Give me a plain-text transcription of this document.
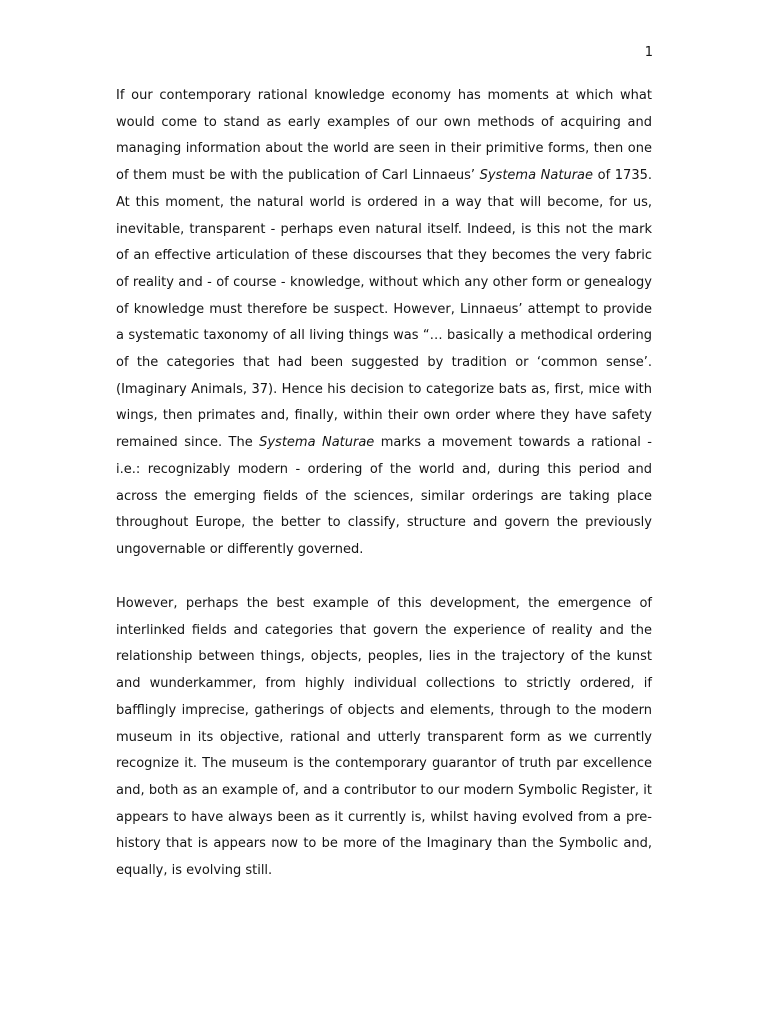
1

If our contemporary rational knowledge economy has moments at which what would come to stand as early examples of our own methods of acquiring and managing information about the world are seen in their primitive forms, then one of them must be with the publication of Carl Linnaeus’ Systema Naturae of 1735. At this moment, the natural world is ordered in a way that will become, for us, inevitable, transparent - perhaps even natural itself. Indeed, is this not the mark of an effective articulation of these discourses that they becomes the very fabric of reality and - of course - knowledge, without which any other form or genealogy of knowledge must therefore be suspect. However, Linnaeus’ attempt to provide a systematic taxonomy of all living things was “… basically a methodical ordering of the categories that had been suggested by tradition or ‘common sense’. (Imaginary Animals, 37). Hence his decision to categorize bats as, first, mice with wings, then primates and, finally, within their own order where they have safety remained since. The Systema Naturae marks a movement towards a rational - i.e.: recognizably modern - ordering of the world and, during this period and across the emerging fields of the sciences, similar orderings are taking place throughout Europe, the better to classify, structure and govern the previously ungovernable or differently governed.

However, perhaps the best example of this development, the emergence of interlinked fields and categories that govern the experience of reality and the relationship between things, objects, peoples, lies in the trajectory of the kunst and wunderkammer, from highly individual collections to strictly ordered, if bafflingly imprecise, gatherings of objects and elements, through to the modern museum in its objective, rational and utterly transparent form as we currently recognize it. The museum is the contemporary guarantor of truth par excellence and, both as an example of, and a contributor to our modern Symbolic Register, it appears to have always been as it currently is, whilst having evolved from a pre-history that is appears now to be more of the Imaginary than the Symbolic and, equally, is evolving still.
